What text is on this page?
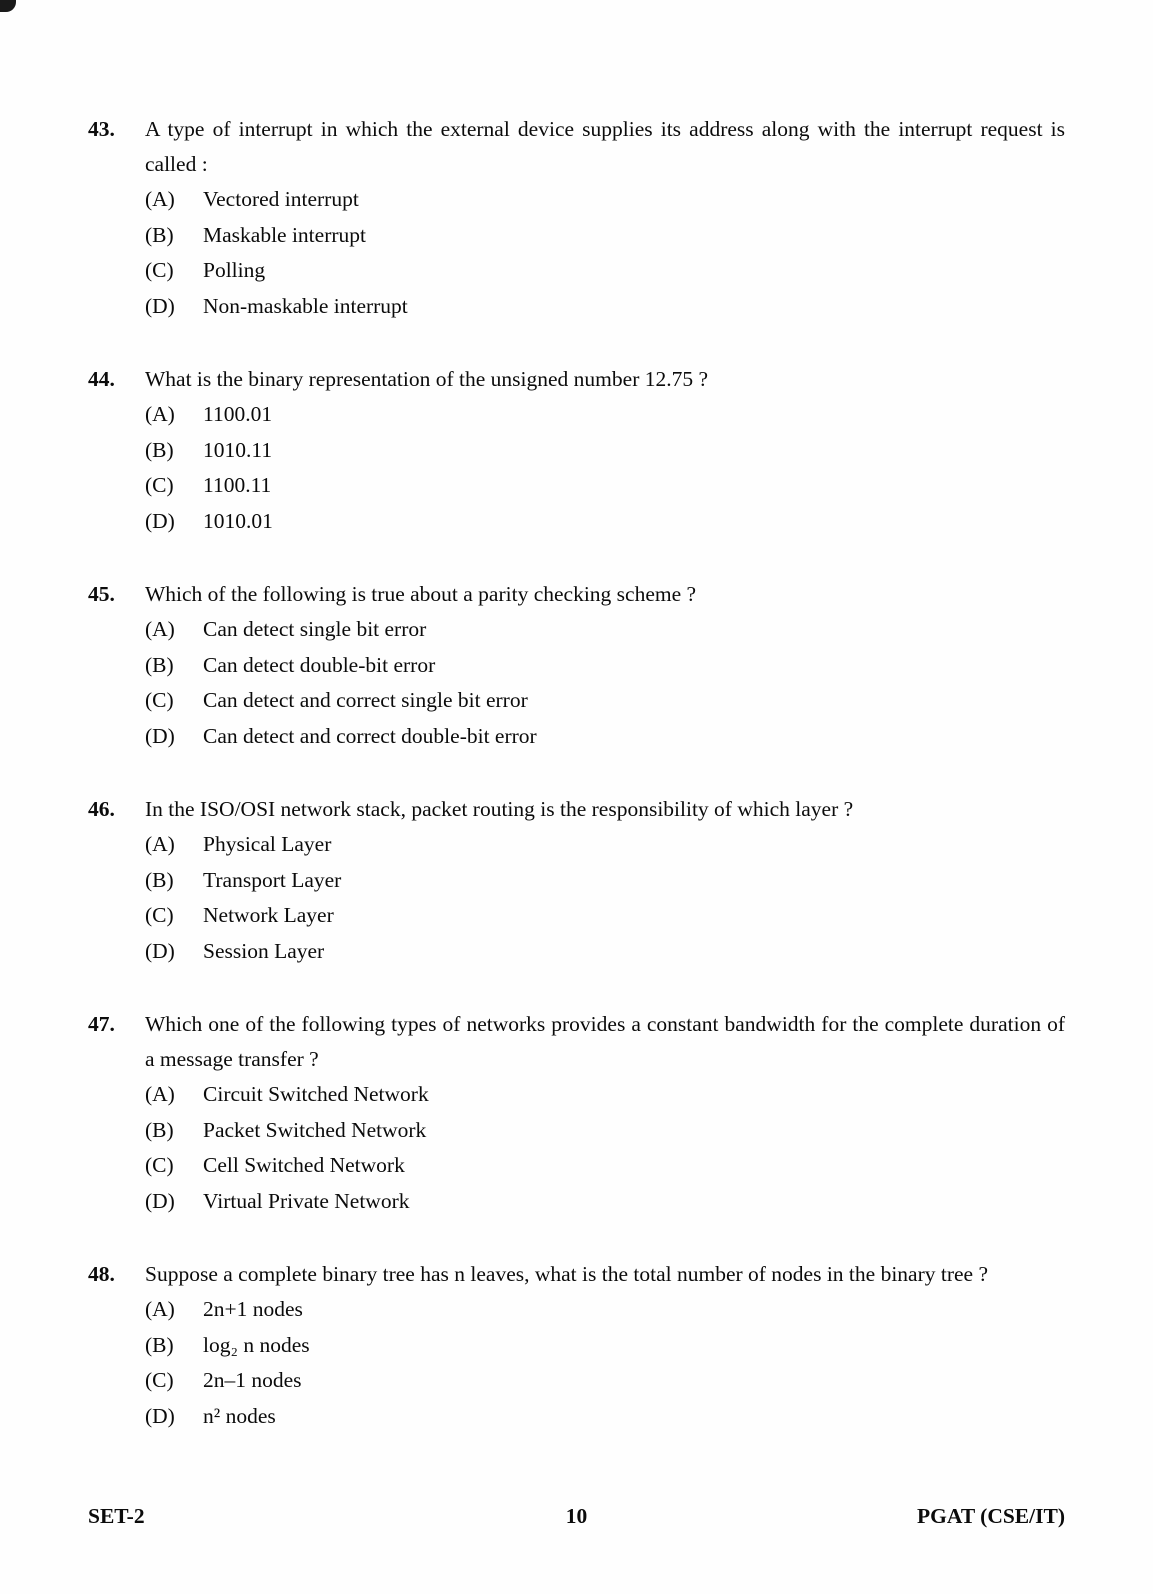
43.	A type of interrupt in which the external device supplies its address along with the interrupt request is called :

(A)	Vectored interrupt
(B)	Maskable interrupt
(C)	Polling
(D)	Non-maskable interrupt
44.	What is the binary representation of the unsigned number 12.75 ?

(A)	1100.01
(B)	1010.11
(C)	1100.11
(D)	1010.01
45.	Which of the following is true about a parity checking scheme ?

(A)	Can detect single bit error
(B)	Can detect double-bit error
(C)	Can detect and correct single bit error
(D)	Can detect and correct double-bit error
46.	In the ISO/OSI network stack, packet routing is the responsibility of which layer ?

(A)	Physical Layer
(B)	Transport Layer
(C)	Network Layer
(D)	Session Layer
47.	Which one of the following types of networks provides a constant bandwidth for the complete duration of a message transfer ?

(A)	Circuit Switched Network
(B)	Packet Switched Network
(C)	Cell Switched Network
(D)	Virtual Private Network
48.	Suppose a complete binary tree has n leaves, what is the total number of nodes in the binary tree ?

(A)	2n+1 nodes
(B)	log₂ n nodes
(C)	2n–1 nodes
(D)	n² nodes
SET-2	10	PGAT (CSE/IT)
